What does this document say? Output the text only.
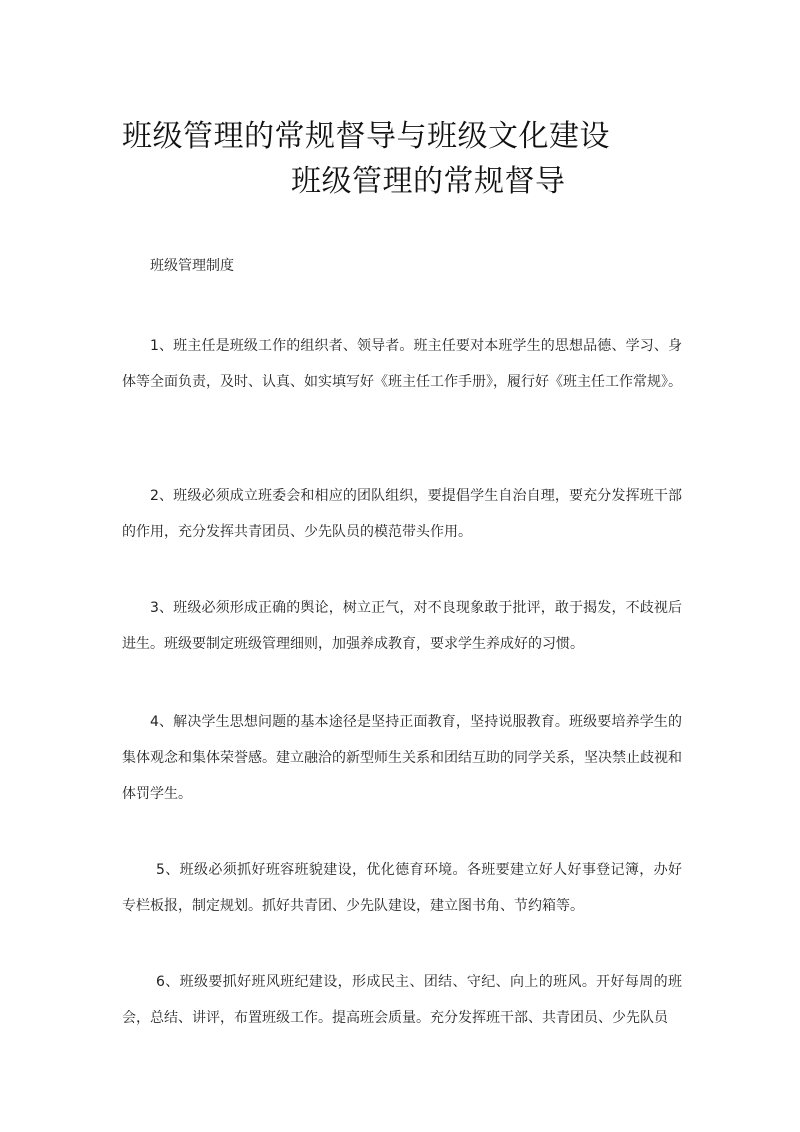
班级管理的常规督导与班级文化建设
班级管理的常规督导
班级管理制度

1、班主任是班级工作的组织者、领导者。班主任要对本班学生的思想品德、学习、身体等全面负责，及时、认真、如实填写好《班主任工作手册》，履行好《班主任工作常规》。

2、班级必须成立班委会和相应的团队组织，要提倡学生自治自理，要充分发挥班干部的作用，充分发挥共青团员、少先队员的模范带头作用。

3、班级必须形成正确的舆论，树立正气，对不良现象敢于批评，敢于揭发，不歧视后进生。班级要制定班级管理细则，加强养成教育，要求学生养成好的习惯。

4、解决学生思想问题的基本途径是坚持正面教育，坚持说服教育。班级要培养学生的集体观念和集体荣誉感。建立融洽的新型师生关系和团结互助的同学关系，坚决禁止歧视和体罚学生。

5、班级必须抓好班容班貌建设，优化德育环境。各班要建立好人好事登记簿，办好专栏板报，制定规划。抓好共青团、少先队建设，建立图书角、节约箱等。

6、班级要抓好班风班纪建设，形成民主、团结、守纪、向上的班风。开好每周的班会，总结、讲评，布置班级工作。提高班会质量。充分发挥班干部、共青团员、少先队员
